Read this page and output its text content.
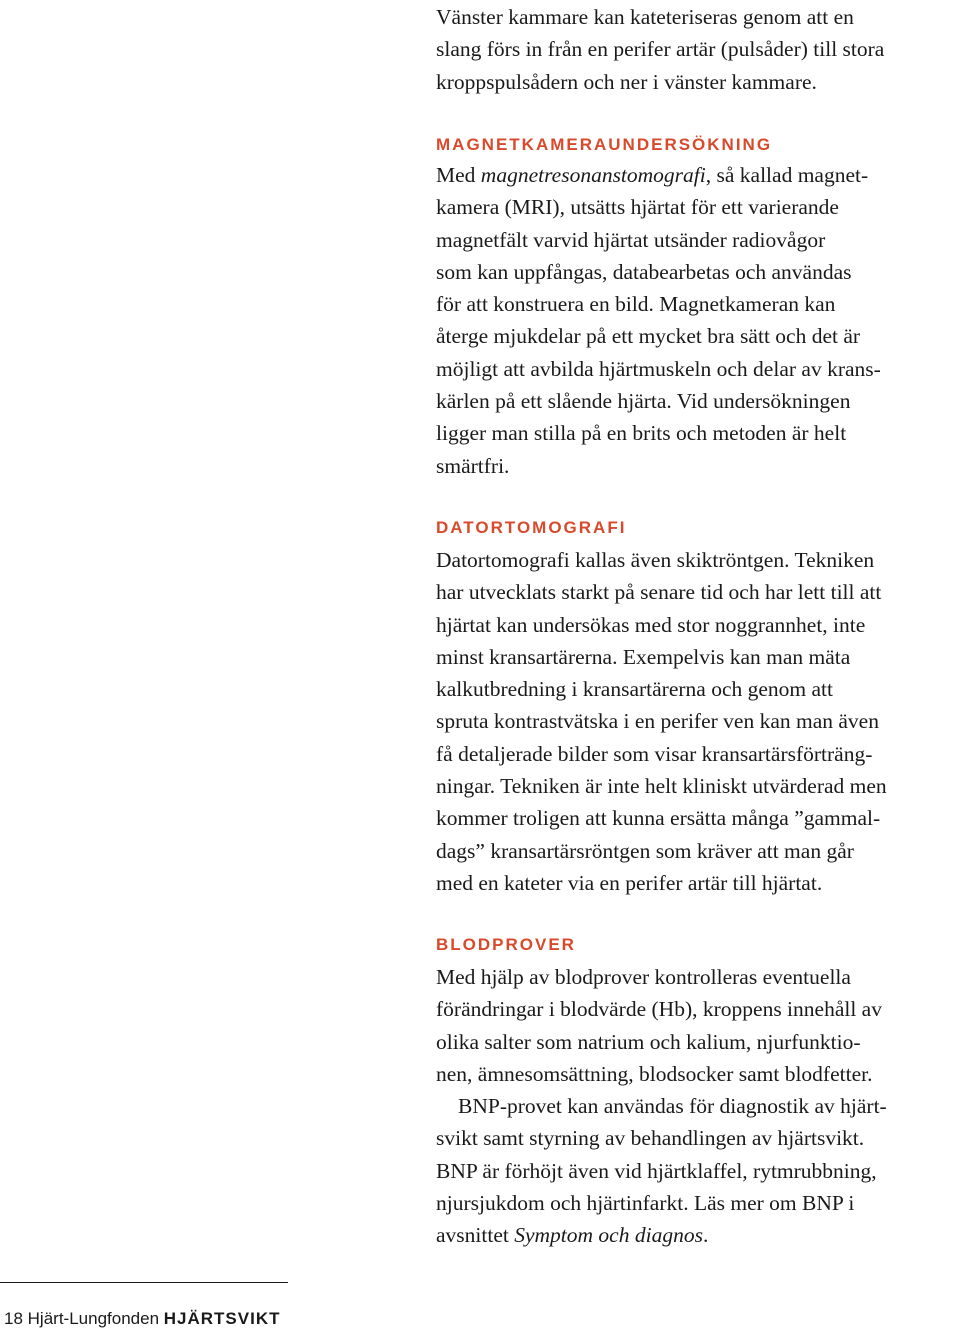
Vänster kammare kan kateteriseras genom att en
slang förs in från en perifer artär (pulsåder) till stora
kroppspulsådern och ner i vänster kammare.

MAGNETKAMERAUNDERSÖKNING

Med magnetresonanstomografi, så kallad magnet-
kamera (MRI), utsätts hjärtat för ett varierande
magnetfält varvid hjärtat utsänder radiovågor
som kan uppfångas, databearbetas och användas
för att konstruera en bild. Magnetkameran kan
återge mjukdelar på ett mycket bra sätt och det är
möjligt att avbilda hjärtmuskeln och delar av krans-
kärlen på ett slående hjärta. Vid undersökningen
ligger man stilla på en brits och metoden är helt
smärtfri.

DATORTOMOGRAFI

Datortomografi kallas även skiktröntgen. Tekniken
har utvecklats starkt på senare tid och har lett till att
hjärtat kan undersökas med stor noggrannhet, inte
minst kransartärerna. Exempelvis kan man mäta
kalkutbredning i kransartärerna och genom att
spruta kontrastvätska i en perifer ven kan man även
få detaljerade bilder som visar kransartärsförträng-
ningar. Tekniken är inte helt kliniskt utvärderad men
kommer troligen att kunna ersätta många ”gammal-
dags” kransartärsröntgen som kräver att man går
med en kateter via en perifer artär till hjärtat.

BLODPROVER

Med hjälp av blodprover kontrolleras eventuella
förändringar i blodvärde (Hb), kroppens innehåll av
olika salter som natrium och kalium, njurfunktio-
nen, ämnesomsättning, blodsocker samt blodfetter.
BNP-provet kan användas för diagnostik av hjärt-
svikt samt styrning av behandlingen av hjärtsvikt.
BNP är förhöjt även vid hjärtklaffel, rytmrubbning,
njursjukdom och hjärtinfarkt. Läs mer om BNP i
avsnittet Symptom och diagnos.

18 Hjärt-Lungfonden HJÄRTSVIKT
